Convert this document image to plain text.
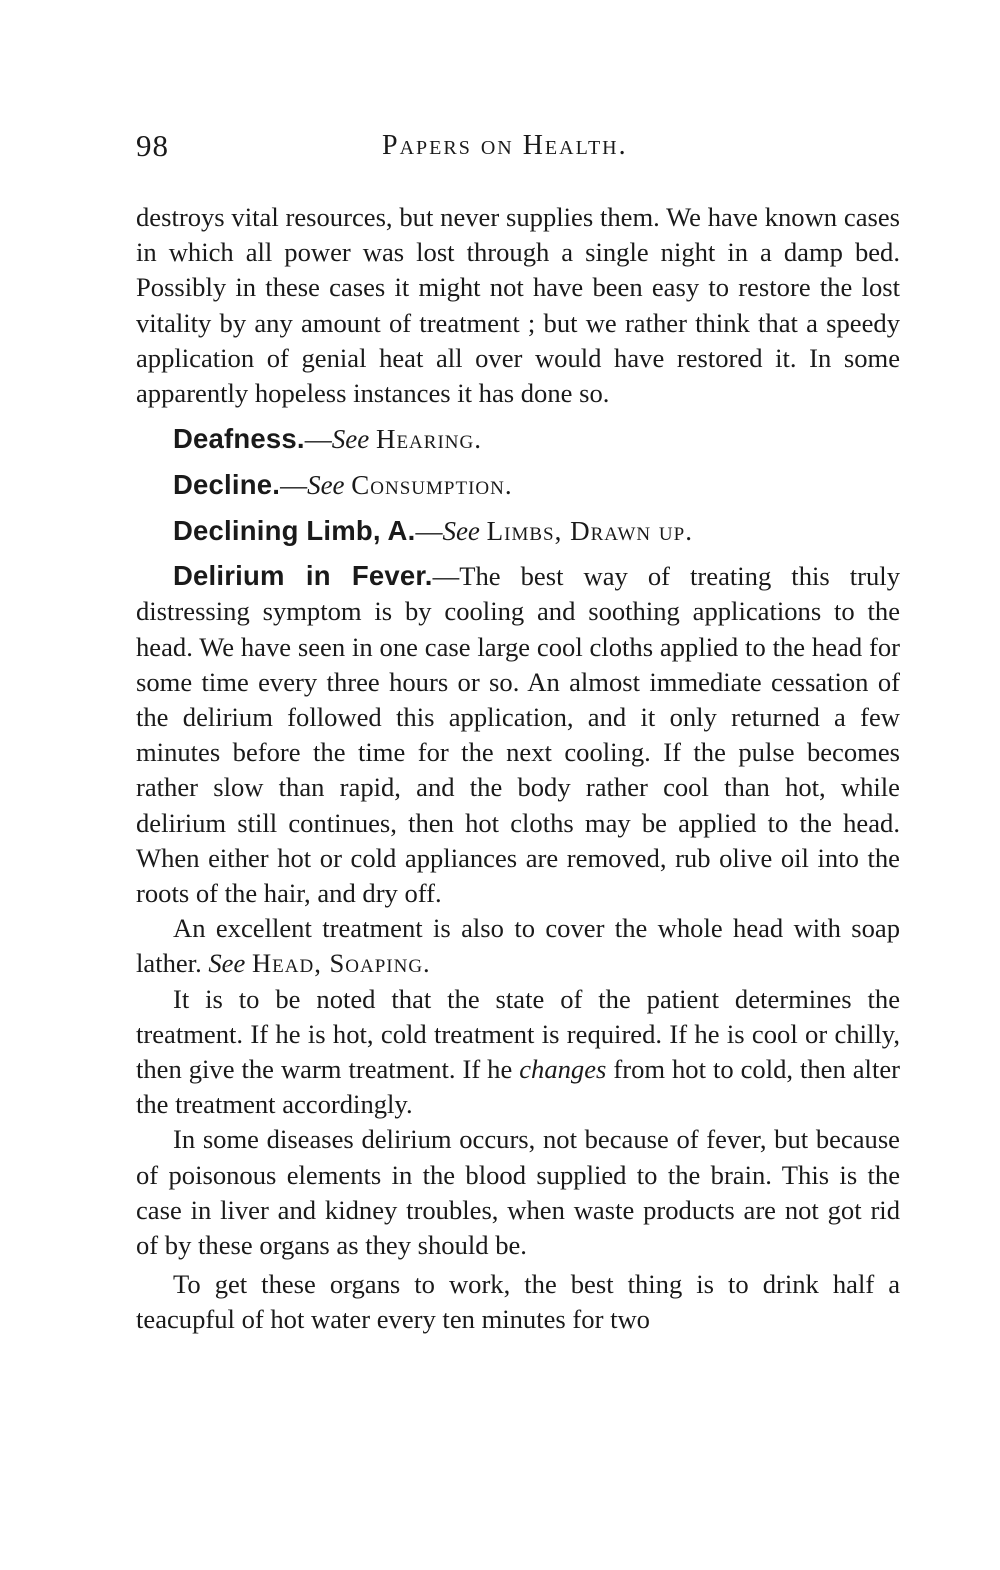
98	Papers on Health.

destroys vital resources, but never supplies them. We have known cases in which all power was lost through a single night in a damp bed. Possibly in these cases it might not have been easy to restore the lost vitality by any amount of treatment ; but we rather think that a speedy application of genial heat all over would have restored it. In some apparently hopeless instances it has done so.

Deafness.—See Hearing.

Decline.—See Consumption.

Declining Limb, A.—See Limbs, Drawn up.

Delirium in Fever.—The best way of treating this truly distressing symptom is by cooling and soothing applications to the head. We have seen in one case large cool cloths applied to the head for some time every three hours or so. An almost immediate cessation of the delirium followed this application, and it only returned a few minutes before the time for the next cooling. If the pulse becomes rather slow than rapid, and the body rather cool than hot, while delirium still continues, then hot cloths may be applied to the head. When either hot or cold appliances are removed, rub olive oil into the roots of the hair, and dry off.

An excellent treatment is also to cover the whole head with soap lather. See Head, Soaping.

It is to be noted that the state of the patient determines the treatment. If he is hot, cold treatment is required. If he is cool or chilly, then give the warm treatment. If he changes from hot to cold, then alter the treatment accordingly.

In some diseases delirium occurs, not because of fever, but because of poisonous elements in the blood supplied to the brain. This is the case in liver and kidney troubles, when waste products are not got rid of by these organs as they should be.

To get these organs to work, the best thing is to drink half a teacupful of hot water every ten minutes for two
